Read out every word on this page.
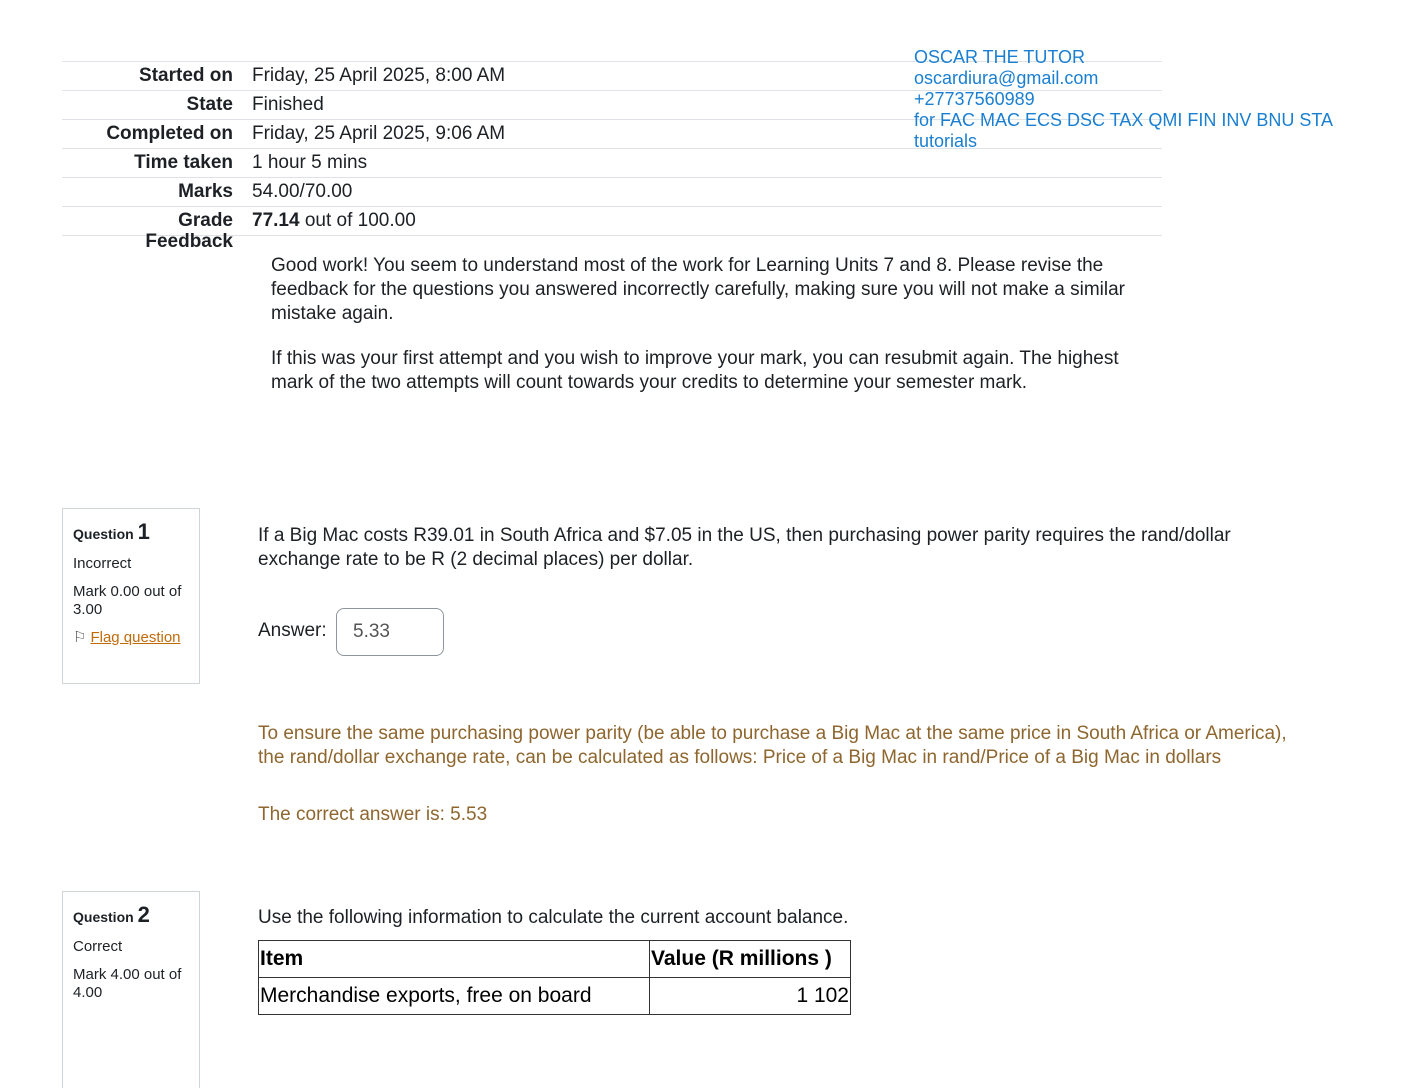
Started on	Friday, 25 April 2025, 8:00 AM
State	Finished
Completed on	Friday, 25 April 2025, 9:06 AM
Time taken	1 hour 5 mins
Marks	54.00/70.00
Grade	77.14 out of 100.00
Feedback

Good work! You seem to understand most of the work for Learning Units 7 and 8. Please revise the feedback for the questions you answered incorrectly carefully, making sure you will not make a similar mistake again.

If this was your first attempt and you wish to improve your mark, you can resubmit again. The highest mark of the two attempts will count towards your credits to determine your semester mark.

OSCAR THE TUTOR
oscardiura@gmail.com
+27737560989
for FAC MAC ECS DSC TAX QMI FIN INV BNU STA
tutorials
Question 1
Incorrect
Mark 0.00 out of 3.00
⚐ Flag question
If a Big Mac costs R39.01 in South Africa and $7.05 in the US, then purchasing power parity requires the rand/dollar exchange rate to be R (2 decimal places) per dollar.
Answer:	5.33
To ensure the same purchasing power parity (be able to purchase a Big Mac at the same price in South Africa or America), the rand/dollar exchange rate, can be calculated as follows: Price of a Big Mac in rand/Price of a Big Mac in dollars
The correct answer is: 5.53
Question 2
Correct
Mark 4.00 out of 4.00
Use the following information to calculate the current account balance.
Item	Value (R millions )
Merchandise exports, free on board	1 102
